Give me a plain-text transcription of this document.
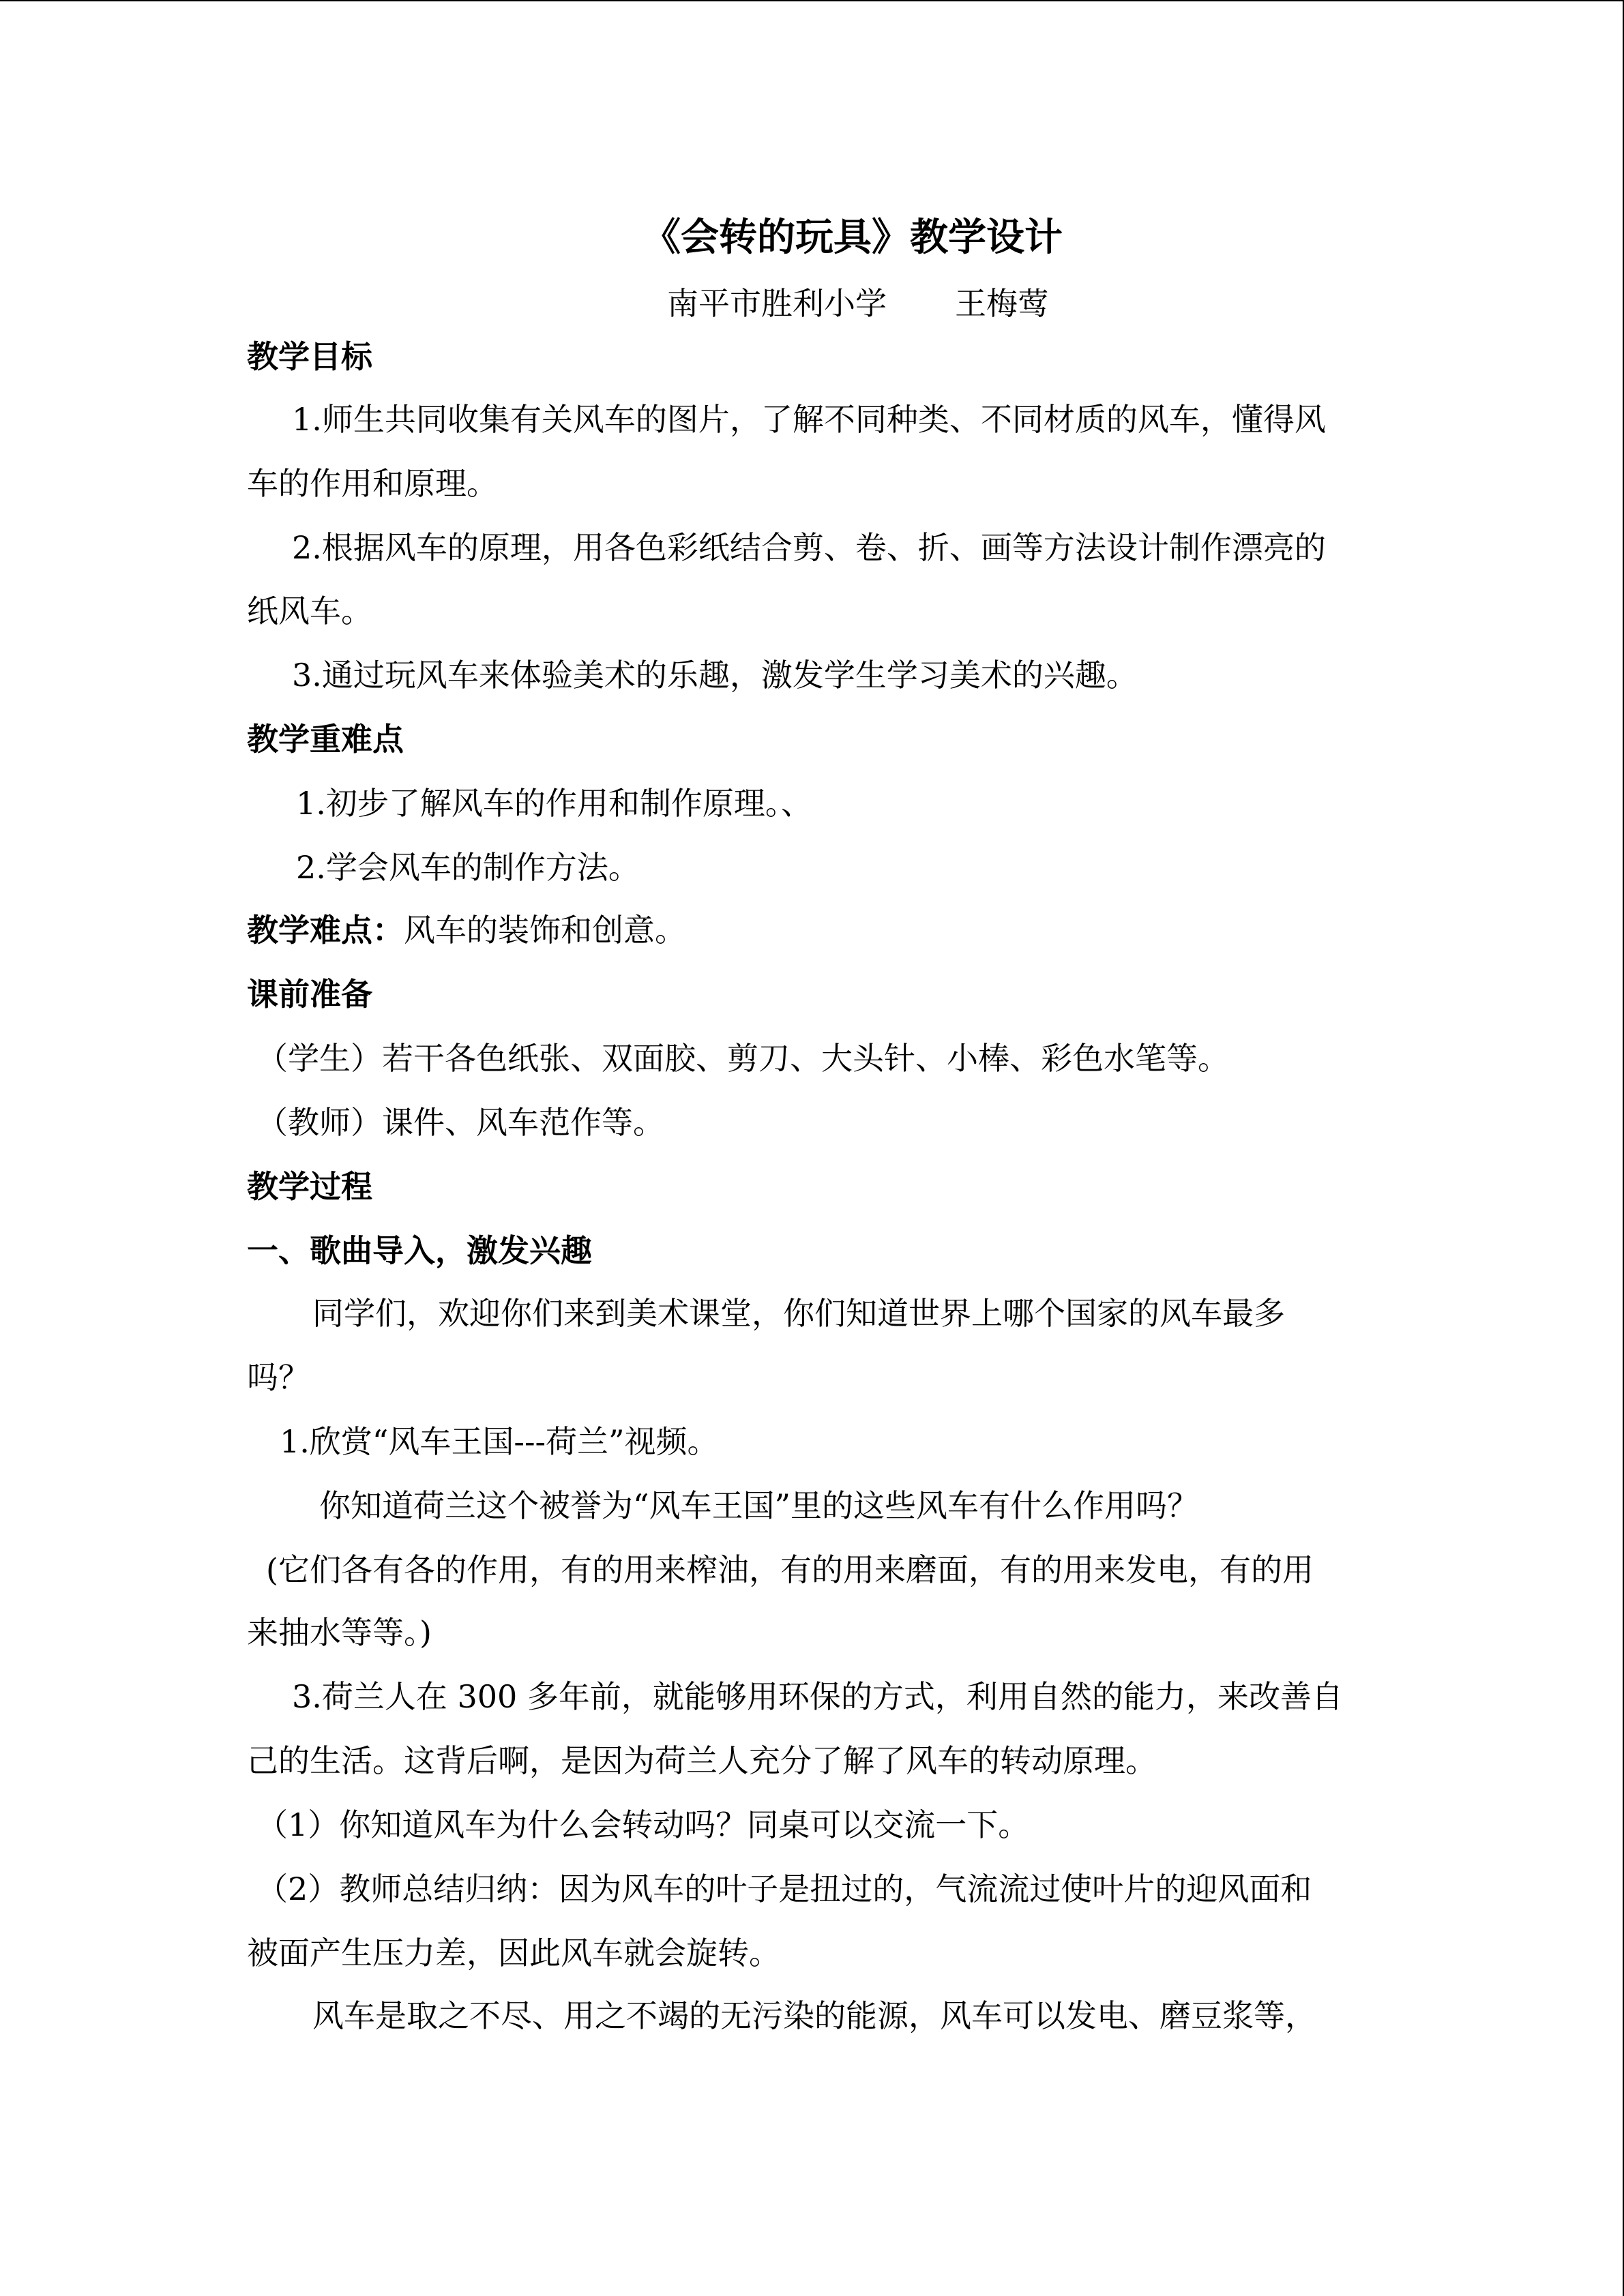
《会转的玩具》教学设计
南平市胜利小学 王梅莺
教学目标
1.师生共同收集有关风车的图片，了解不同种类、不同材质的风车，懂得风
车的作用和原理。
2.根据风车的原理，用各色彩纸结合剪、卷、折、画等方法设计制作漂亮的
纸风车。
3.通过玩风车来体验美术的乐趣，激发学生学习美术的兴趣。
教学重难点
1.初步了解风车的作用和制作原理。、
2.学会风车的制作方法。
教学难点：风车的装饰和创意。
课前准备
（学生）若干各色纸张、双面胶、剪刀、大头针、小棒、彩色水笔等。
（教师）课件、风车范作等。
教学过程
一、歌曲导入，激发兴趣
同学们，欢迎你们来到美术课堂，你们知道世界上哪个国家的风车最多
吗？
1.欣赏“风车王国---荷兰”视频。
你知道荷兰这个被誉为“风车王国”里的这些风车有什么作用吗？
(它们各有各的作用，有的用来榨油，有的用来磨面，有的用来发电，有的用
来抽水等等。)
3.荷兰人在 300 多年前，就能够用环保的方式，利用自然的能力，来改善自
己的生活。这背后啊，是因为荷兰人充分了解了风车的转动原理。
（1）你知道风车为什么会转动吗？同桌可以交流一下。
（2）教师总结归纳：因为风车的叶子是扭过的，气流流过使叶片的迎风面和
被面产生压力差，因此风车就会旋转。
风车是取之不尽、用之不竭的无污染的能源，风车可以发电、磨豆浆等，
